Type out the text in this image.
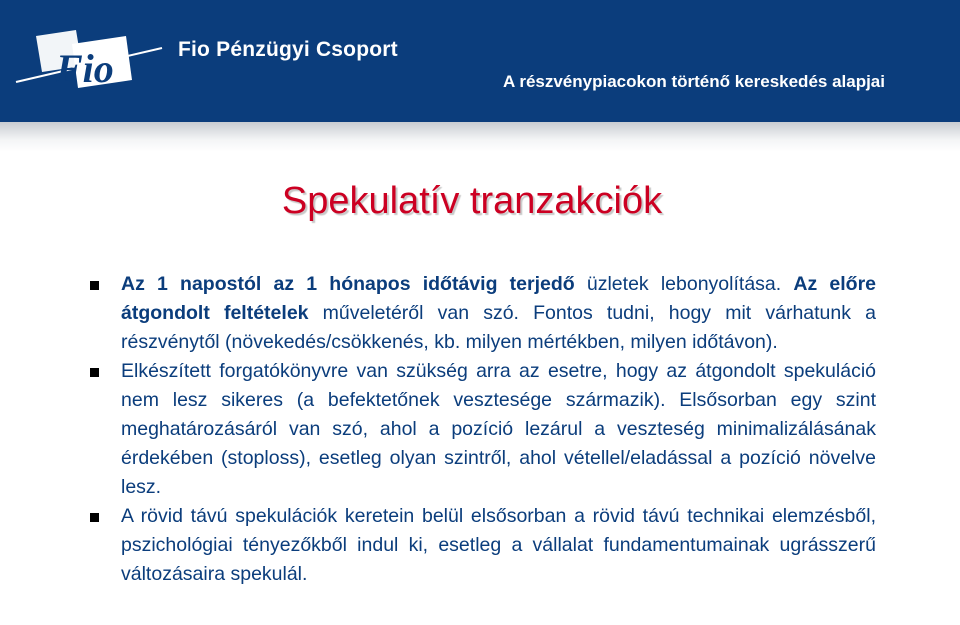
Fio	Fio Pénzügyi Csoport
A részvénypiacokon történő kereskedés alapjai
Spekulatív tranzakciók
Az 1 napostól az 1 hónapos időtávig terjedő üzletek lebonyolítása. Az előre átgondolt feltételek műveletéről van szó. Fontos tudni, hogy mit várhatunk a részvénytől (növekedés/csökkenés, kb. milyen mértékben, milyen időtávon).
Elkészített forgatókönyvre van szükség arra az esetre, hogy az átgondolt spekuláció nem lesz sikeres (a befektetőnek vesztesége származik). Elsősorban egy szint meghatározásáról van szó, ahol a pozíció lezárul a veszteség minimalizálásának érdekében (stoploss), esetleg olyan szintről, ahol vétellel/eladással a pozíció növelve lesz.
A rövid távú spekulációk keretein belül elsősorban a rövid távú technikai elemzésből, pszichológiai tényezőkből indul ki, esetleg a vállalat fundamentumainak ugrásszerű változásaira spekulál.
